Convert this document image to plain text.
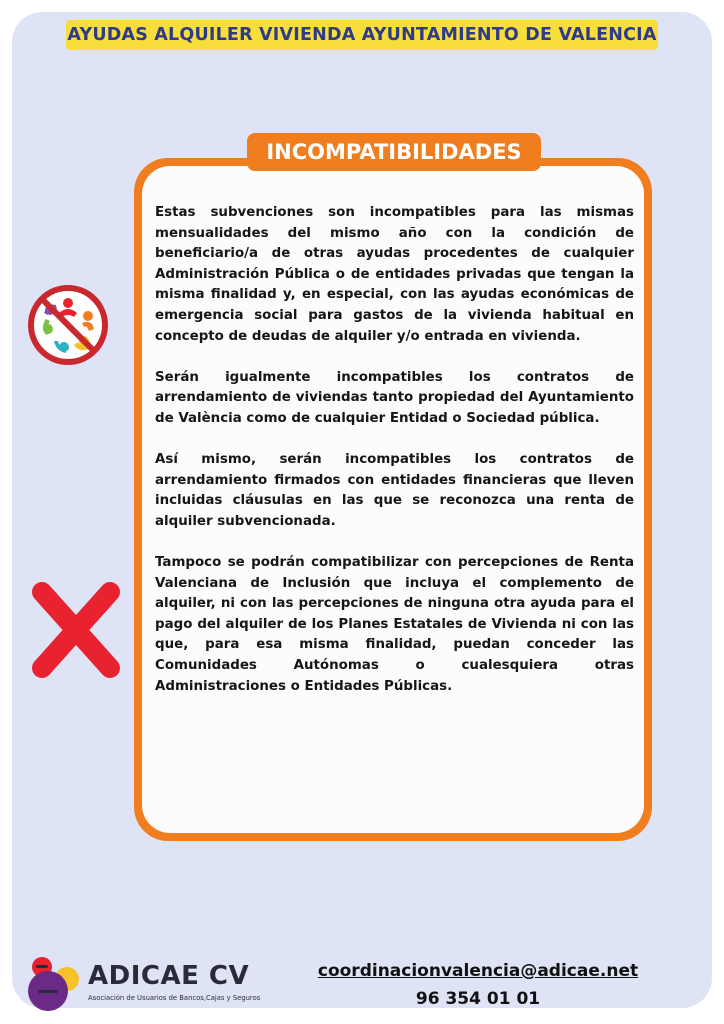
AYUDAS ALQUILER VIVIENDA AYUNTAMIENTO DE VALENCIA
INCOMPATIBILIDADES

Estas subvenciones son incompatibles para las mismas mensualidades del mismo año con la condición de beneficiario/a de otras ayudas procedentes de cualquier Administración Pública o de entidades privadas que tengan la misma finalidad y, en especial, con las ayudas económicas de emergencia social para gastos de la vivienda habitual en concepto de deudas de alquiler y/o entrada en vivienda.

Serán igualmente incompatibles los contratos de arrendamiento de viviendas tanto propiedad del Ayuntamiento de València como de cualquier Entidad o Sociedad pública.

Así mismo, serán incompatibles los contratos de arrendamiento firmados con entidades financieras que lleven incluidas cláusulas en las que se reconozca una renta de alquiler subvencionada.

Tampoco se podrán compatibilizar con percepciones de Renta Valenciana de Inclusión que incluya el complemento de alquiler, ni con las percepciones de ninguna otra ayuda para el pago del alquiler de los Planes Estatales de Vivienda ni con las que, para esa misma finalidad, puedan conceder las Comunidades Autónomas o cualesquiera otras Administraciones o Entidades Públicas.

ADICAE CV
Asociación de Usuarios de Bancos,Cajas y Seguros
coordinacionvalencia@adicae.net
96 354 01 01
